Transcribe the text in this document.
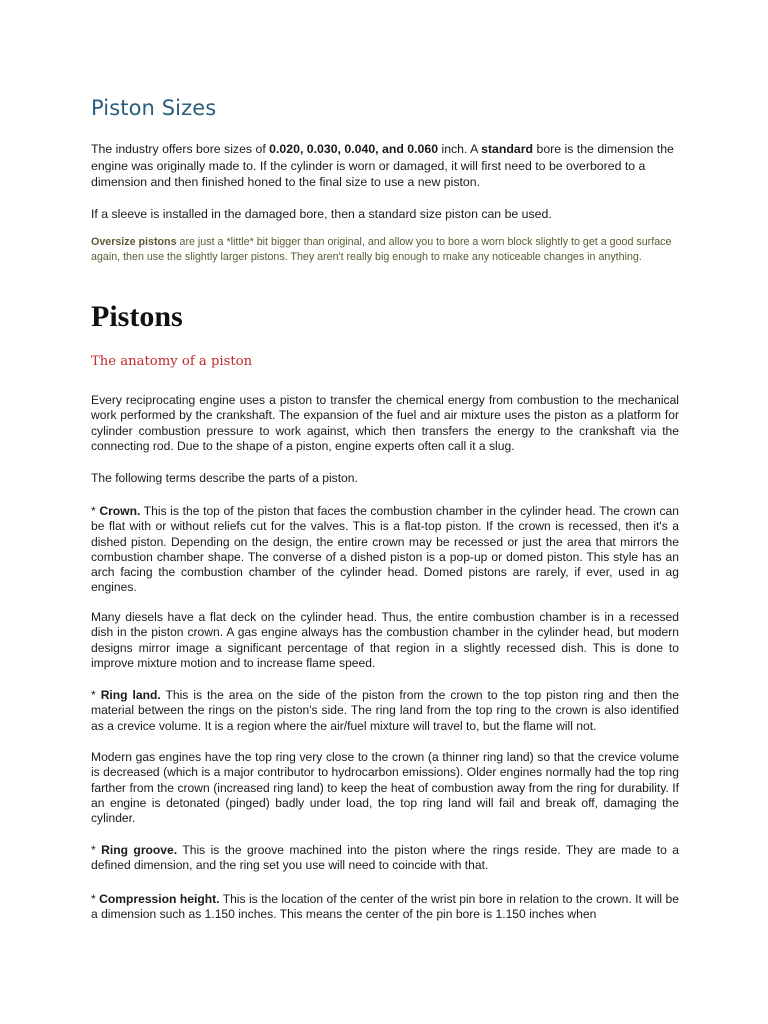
Piston Sizes

The industry offers bore sizes of 0.020, 0.030, 0.040, and 0.060 inch. A standard bore is the dimension the engine was originally made to. If the cylinder is worn or damaged, it will first need to be overbored to a dimension and then finished honed to the final size to use a new piston.

If a sleeve is installed in the damaged bore, then a standard size piston can be used.

Oversize pistons are just a *little* bit bigger than original, and allow you to bore a worn block slightly to get a good surface again, then use the slightly larger pistons. They aren't really big enough to make any noticeable changes in anything.

Pistons
The anatomy of a piston

Every reciprocating engine uses a piston to transfer the chemical energy from combustion to the mechanical work performed by the crankshaft. The expansion of the fuel and air mixture uses the piston as a platform for cylinder combustion pressure to work against, which then transfers the energy to the crankshaft via the connecting rod. Due to the shape of a piston, engine experts often call it a slug.

The following terms describe the parts of a piston.

* Crown. This is the top of the piston that faces the combustion chamber in the cylinder head. The crown can be flat with or without reliefs cut for the valves. This is a flat-top piston. If the crown is recessed, then it's a dished piston. Depending on the design, the entire crown may be recessed or just the area that mirrors the combustion chamber shape. The converse of a dished piston is a pop-up or domed piston. This style has an arch facing the combustion chamber of the cylinder head. Domed pistons are rarely, if ever, used in ag engines.

Many diesels have a flat deck on the cylinder head. Thus, the entire combustion chamber is in a recessed dish in the piston crown. A gas engine always has the combustion chamber in the cylinder head, but modern designs mirror image a significant percentage of that region in a slightly recessed dish. This is done to improve mixture motion and to increase flame speed.

* Ring land. This is the area on the side of the piston from the crown to the top piston ring and then the material between the rings on the piston's side. The ring land from the top ring to the crown is also identified as a crevice volume. It is a region where the air/fuel mixture will travel to, but the flame will not.

Modern gas engines have the top ring very close to the crown (a thinner ring land) so that the crevice volume is decreased (which is a major contributor to hydrocarbon emissions). Older engines normally had the top ring farther from the crown (increased ring land) to keep the heat of combustion away from the ring for durability. If an engine is detonated (pinged) badly under load, the top ring land will fail and break off, damaging the cylinder.

* Ring groove. This is the groove machined into the piston where the rings reside. They are made to a defined dimension, and the ring set you use will need to coincide with that.

* Compression height. This is the location of the center of the wrist pin bore in relation to the crown. It will be a dimension such as 1.150 inches. This means the center of the pin bore is 1.150 inches when
